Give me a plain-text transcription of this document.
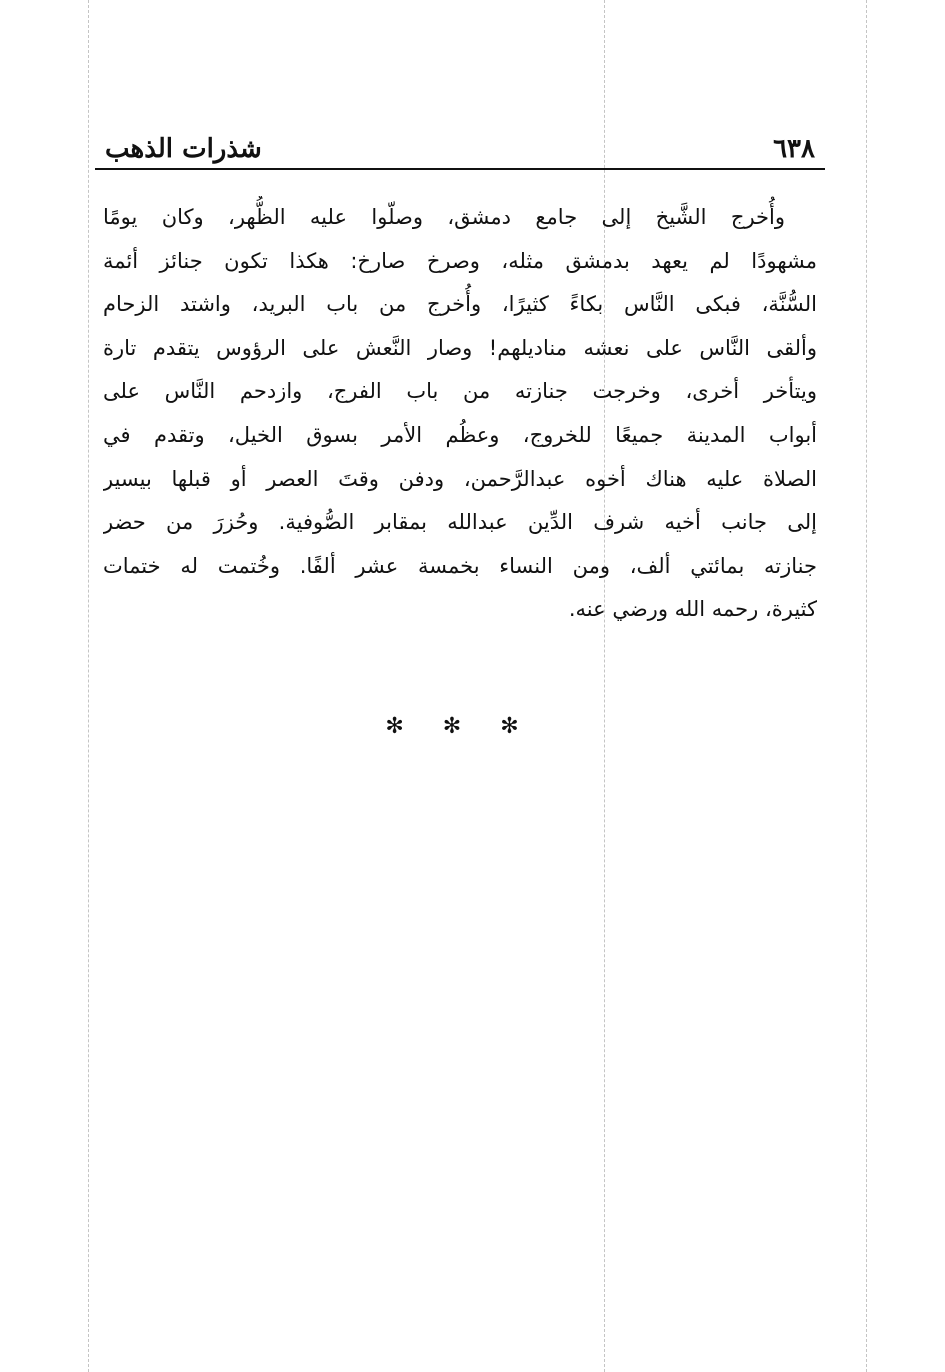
٦٣٨
شذرات الذهب
وأُخرج الشَّيخ إلى جامع دمشق، وصلّوا عليه الظُّهر، وكان يومًا
مشهودًا لم يعهد بدمشق مثله، وصرخ صارخ: هكذا تكون جنائز أئمة
السُّنَّة، فبكى النَّاس بكاءً كثيرًا، وأُخرج من باب البريد، واشتد الزحام
وألقى النَّاس على نعشه مناديلهم! وصار النَّعش على الرؤوس يتقدم تارة
ويتأخر أخرى، وخرجت جنازته من باب الفرج، وازدحم النَّاس على
أبواب المدينة جميعًا للخروج، وعظُم الأمر بسوق الخيل، وتقدم في
الصلاة عليه هناك أخوه عبدالرَّحمن، ودفن وقتَ العصر أو قبلها بيسير
إلى جانب أخيه شرف الدِّين عبدالله بمقابر الصُّوفية. وحُزرَ من حضر
جنازته بمائتي ألف، ومن النساء بخمسة عشر ألفًا. وخُتمت له ختمات
كثيرة، رحمه الله ورضي عنه.
✻ ✻ ✻
